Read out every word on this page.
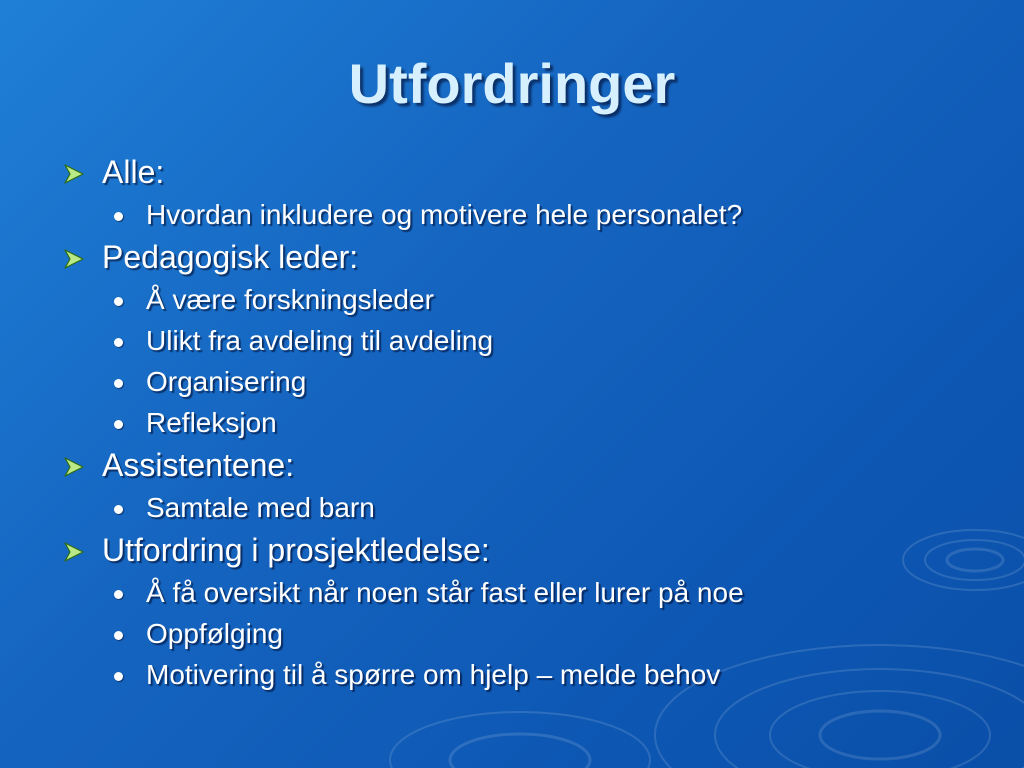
Utfordringer
Alle:
Hvordan inkludere og motivere hele personalet?
Pedagogisk leder:
Å være forskningsleder
Ulikt fra avdeling til avdeling
Organisering
Refleksjon
Assistentene:
Samtale med barn
Utfordring i prosjektledelse:
Å få oversikt når noen står fast eller lurer på noe
Oppfølging
Motivering til å spørre om hjelp – melde behov
